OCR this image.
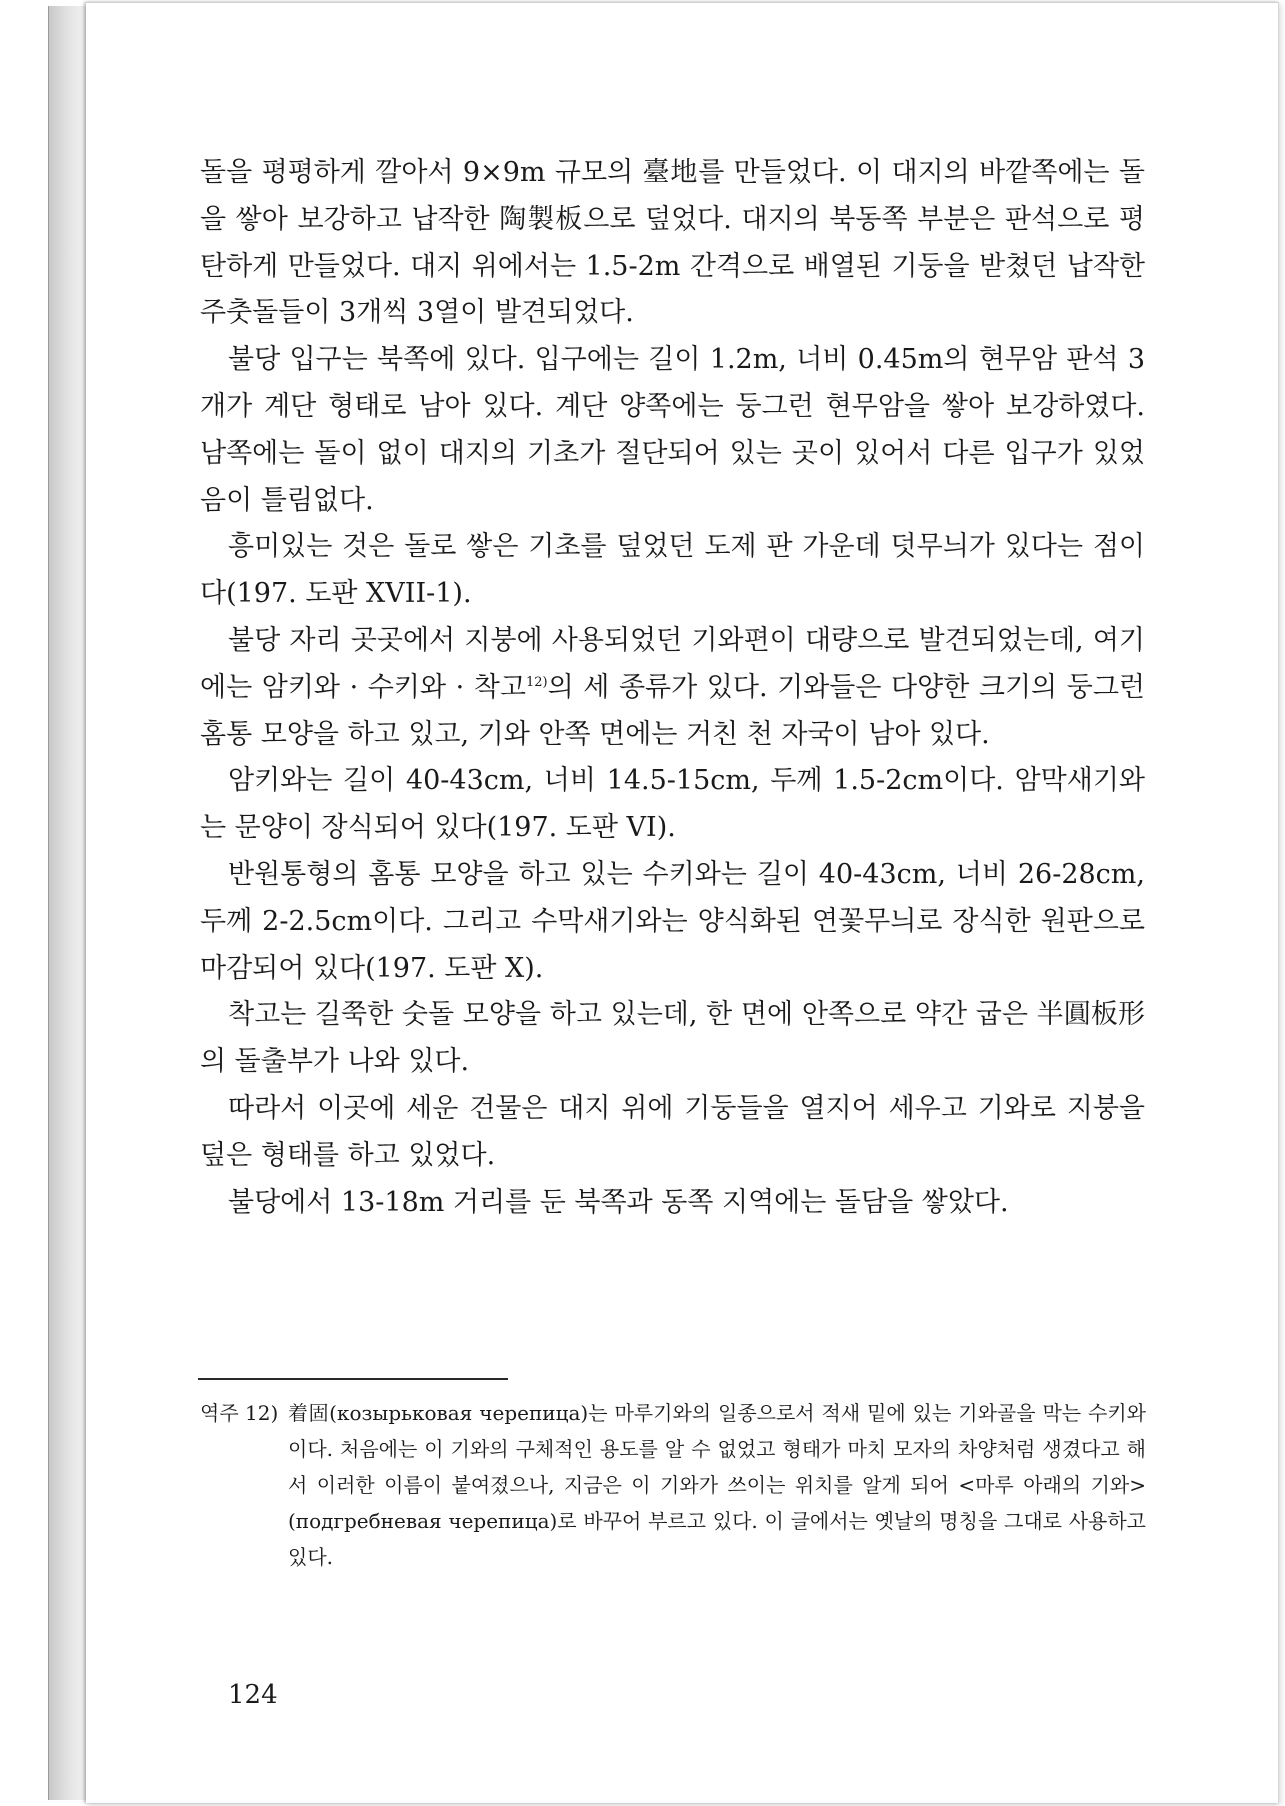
돌을 평평하게 깔아서 9×9m 규모의 臺地를 만들었다. 이 대지의 바깥쪽에는 돌을 쌓아 보강하고 납작한 陶製板으로 덮었다. 대지의 북동쪽 부분은 판석으로 평탄하게 만들었다. 대지 위에서는 1.5-2m 간격으로 배열된 기둥을 받쳤던 납작한 주춧돌들이 3개씩 3열이 발견되었다.

불당 입구는 북쪽에 있다. 입구에는 길이 1.2m, 너비 0.45m의 현무암 판석 3개가 계단 형태로 남아 있다. 계단 양쪽에는 둥그런 현무암을 쌓아 보강하였다. 남쪽에는 돌이 없이 대지의 기초가 절단되어 있는 곳이 있어서 다른 입구가 있었음이 틀림없다.

흥미있는 것은 돌로 쌓은 기초를 덮었던 도제 판 가운데 덧무늬가 있다는 점이다(197. 도판 XVII-1).

불당 자리 곳곳에서 지붕에 사용되었던 기와편이 대량으로 발견되었는데, 여기에는 암키와 · 수키와 · 착고$^{12)}$의 세 종류가 있다. 기와들은 다양한 크기의 둥그런 홈통 모양을 하고 있고, 기와 안쪽 면에는 거친 천 자국이 남아 있다.

암키와는 길이 40-43cm, 너비 14.5-15cm, 두께 1.5-2cm이다. 암막새기와는 문양이 장식되어 있다(197. 도판 VI).

반원통형의 홈통 모양을 하고 있는 수키와는 길이 40-43cm, 너비 26-28cm, 두께 2-2.5cm이다. 그리고 수막새기와는 양식화된 연꽃무늬로 장식한 원판으로 마감되어 있다(197. 도판 X).

착고는 길쭉한 숫돌 모양을 하고 있는데, 한 면에 안쪽으로 약간 굽은 半圓板形의 돌출부가 나와 있다.

따라서 이곳에 세운 건물은 대지 위에 기둥들을 열지어 세우고 기와로 지붕을 덮은 형태를 하고 있었다.

불당에서 13-18m 거리를 둔 북쪽과 동쪽 지역에는 돌담을 쌓았다.

역주 12) 着固(козырьковая черепица)는 마루기와의 일종으로서 적새 밑에 있는 기와골을 막는 수키와이다. 처음에는 이 기와의 구체적인 용도를 알 수 없었고 형태가 마치 모자의 차양처럼 생겼다고 해서 이러한 이름이 붙여졌으나, 지금은 이 기와가 쓰이는 위치를 알게 되어 <마루 아래의 기와>(подгребневая черепица)로 바꾸어 부르고 있다. 이 글에서는 옛날의 명칭을 그대로 사용하고 있다.
124
